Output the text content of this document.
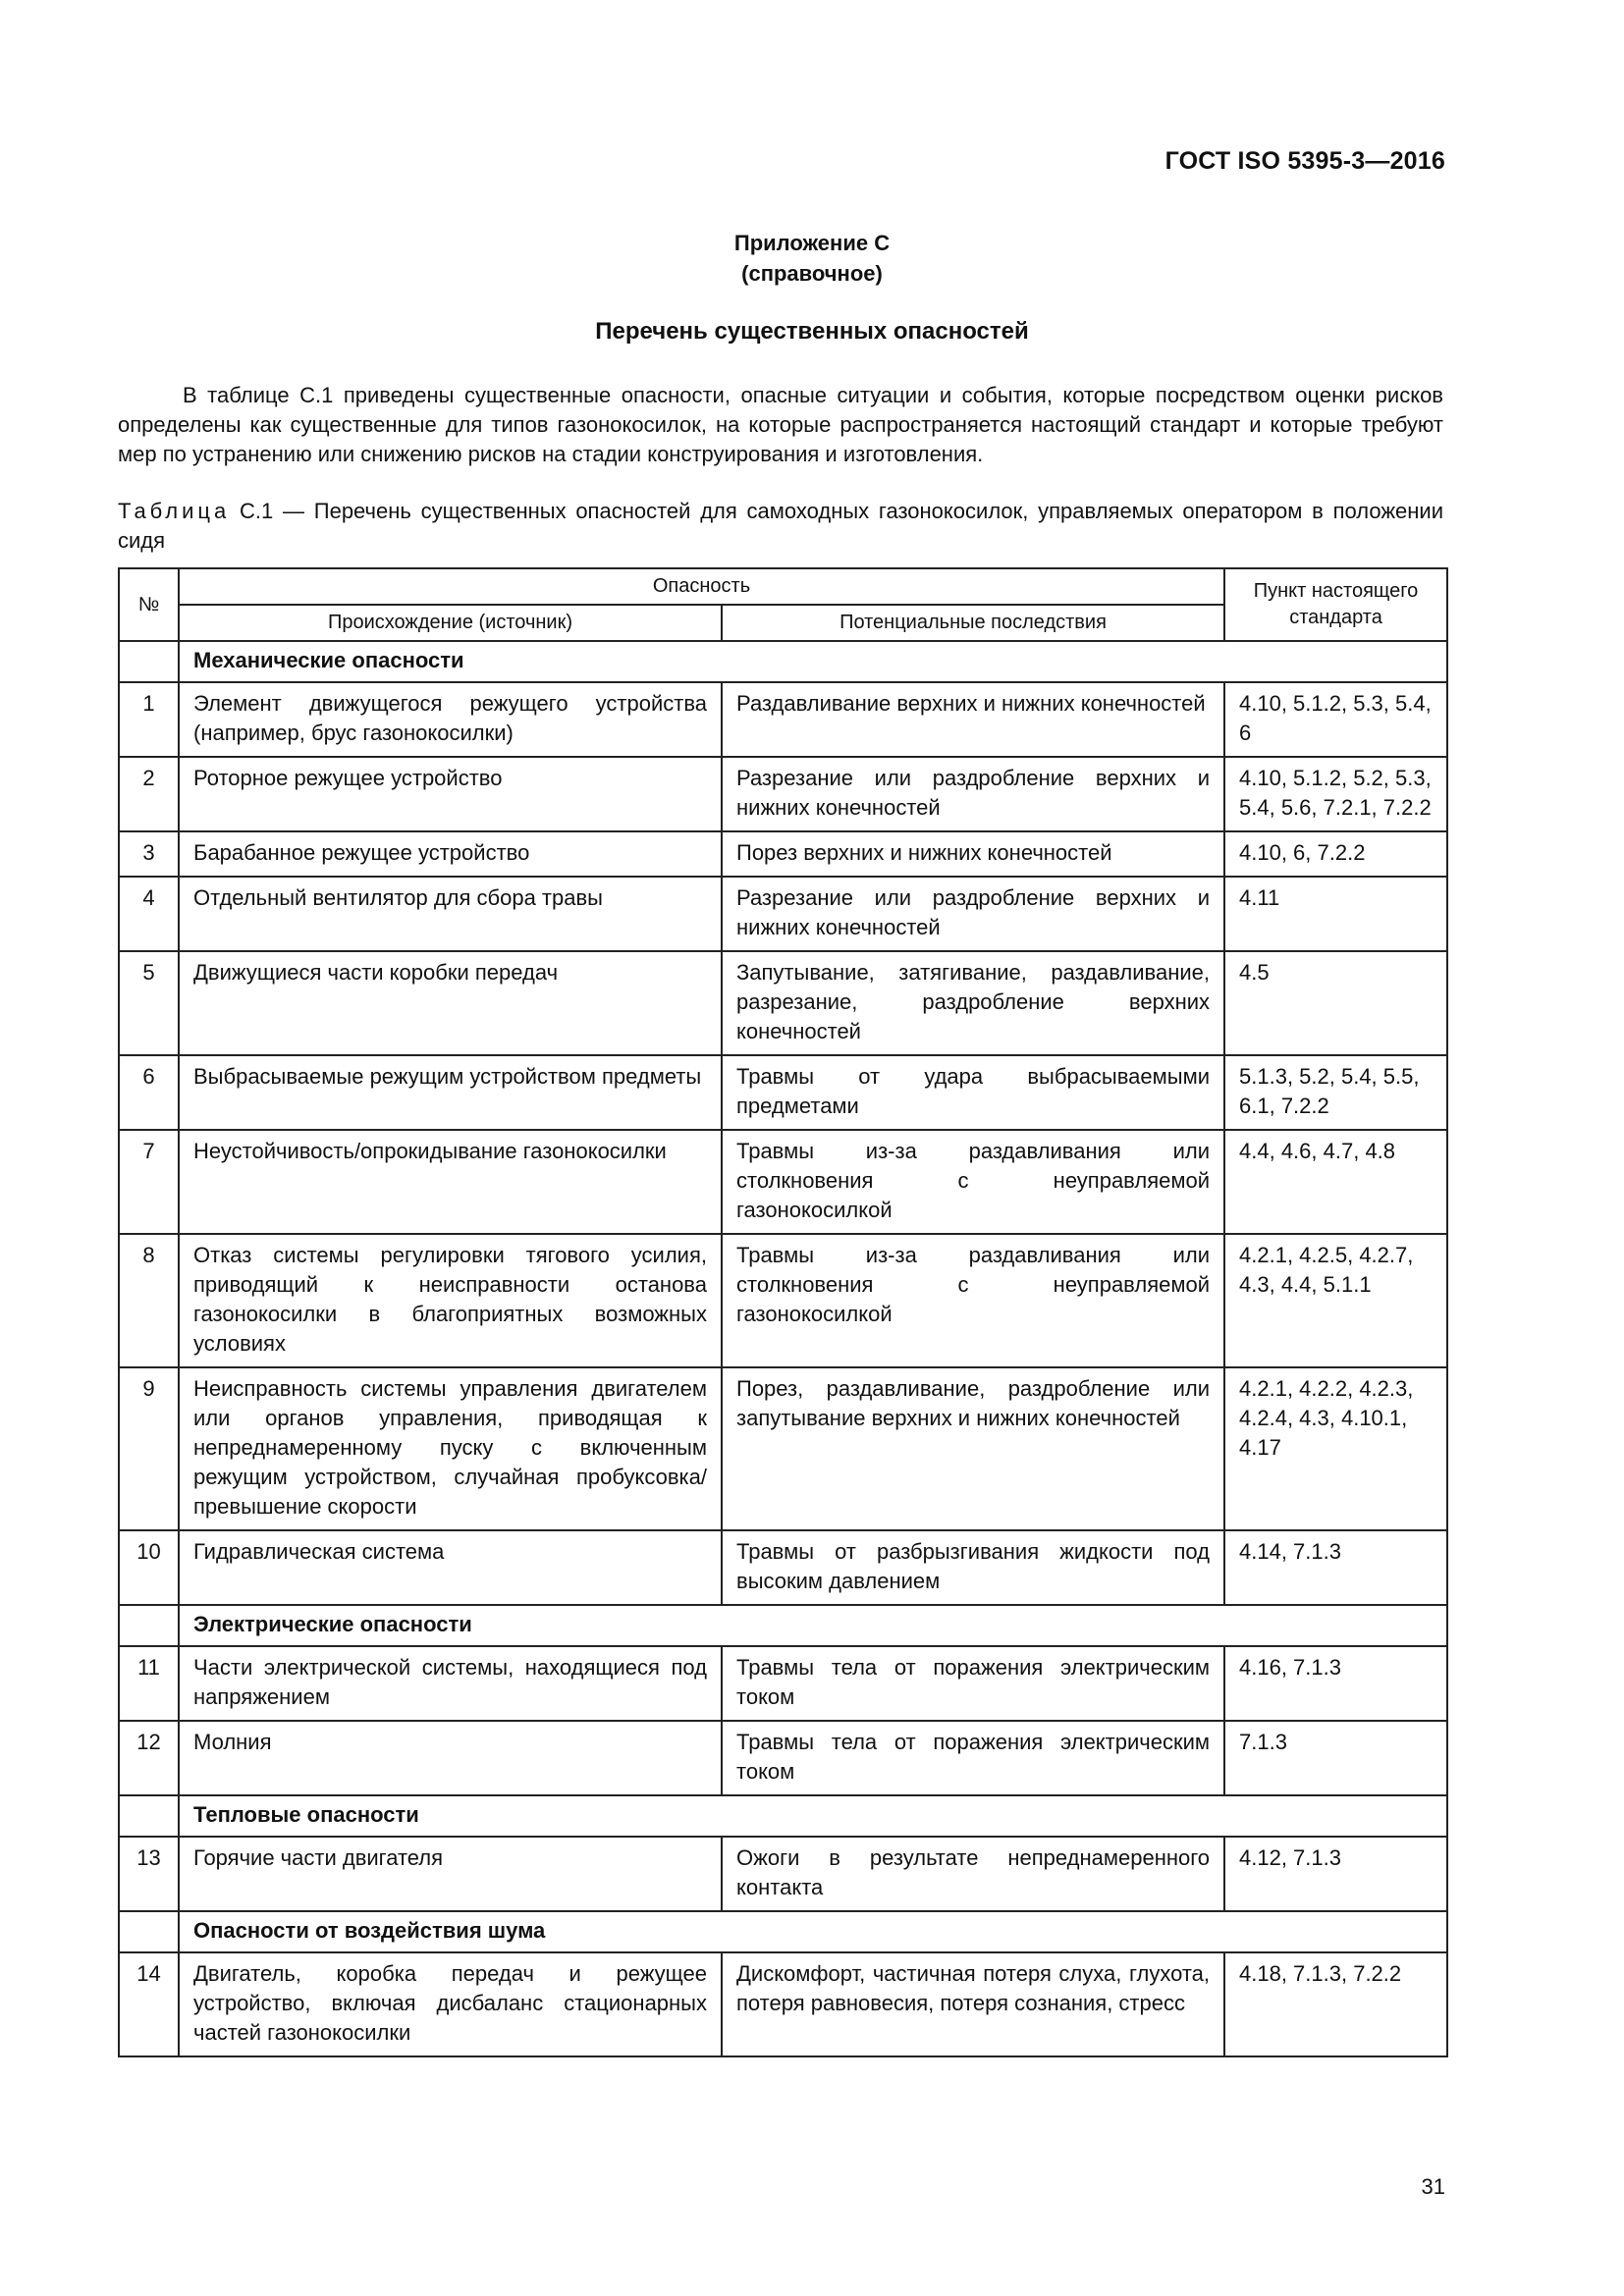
ГОСТ ISO 5395-3—2016
Приложение С
(справочное)
Перечень существенных опасностей

В таблице С.1 приведены существенные опасности, опасные ситуации и события, которые посредством оценки рисков определены как существенные для типов газонокосилок, на которые распространяется настоящий стандарт и которые требуют мер по устранению или снижению рисков на стадии конструирования и изготовления.

Таблица С.1 — Перечень существенных опасностей для самоходных газонокосилок, управляемых оператором в положении сидя

№	Опасность		Пункт настоящего стандарта
	Происхождение (источник)	Потенциальные последствия	
	Механические опасности		
1	Элемент движущегося режущего устройства (например, брус газонокосилки)	Раздавливание верхних и нижних конечностей	4.10, 5.1.2, 5.3, 5.4, 6
2	Роторное режущее устройство	Разрезание или раздробление верхних и нижних конечностей	4.10, 5.1.2, 5.2, 5.3, 5.4, 5.6, 7.2.1, 7.2.2
3	Барабанное режущее устройство	Порез верхних и нижних конечностей	4.10, 6, 7.2.2
4	Отдельный вентилятор для сбора травы	Разрезание или раздробление верхних и нижних конечностей	4.11
5	Движущиеся части коробки передач	Запутывание, затягивание, раздавливание, разрезание, раздробление верхних конечностей	4.5
6	Выбрасываемые режущим устройством предметы	Травмы от удара выбрасываемыми предметами	5.1.3, 5.2, 5.4, 5.5, 6.1, 7.2.2
7	Неустойчивость/опрокидывание газонокосилки	Травмы из-за раздавливания или столкновения с неуправляемой газонокосилкой	4.4, 4.6, 4.7, 4.8
8	Отказ системы регулировки тягового усилия, приводящий к неисправности останова газонокосилки в благоприятных возможных условиях	Травмы из-за раздавливания или столкновения с неуправляемой газонокосилкой	4.2.1, 4.2.5, 4.2.7, 4.3, 4.4, 5.1.1
9	Неисправность системы управления двигателем или органов управления, приводящая к непреднамеренному пуску с включенным режущим устройством, случайная пробуксовка/превышение скорости	Порез, раздавливание, раздробление или запутывание верхних и нижних конечностей	4.2.1, 4.2.2, 4.2.3, 4.2.4, 4.3, 4.10.1, 4.17
10	Гидравлическая система	Травмы от разбрызгивания жидкости под высоким давлением	4.14, 7.1.3
	Электрические опасности		
11	Части электрической системы, находящиеся под напряжением	Травмы тела от поражения электрическим током	4.16, 7.1.3
12	Молния	Травмы тела от поражения электрическим током	7.1.3
	Тепловые опасности		
13	Горячие части двигателя	Ожоги в результате непреднамеренного контакта	4.12, 7.1.3
	Опасности от воздействия шума		
14	Двигатель, коробка передач и режущее устройство, включая дисбаланс стационарных частей газонокосилки	Дискомфорт, частичная потеря слуха, глухота, потеря равновесия, потеря сознания, стресс	4.18, 7.1.3, 7.2.2
31
